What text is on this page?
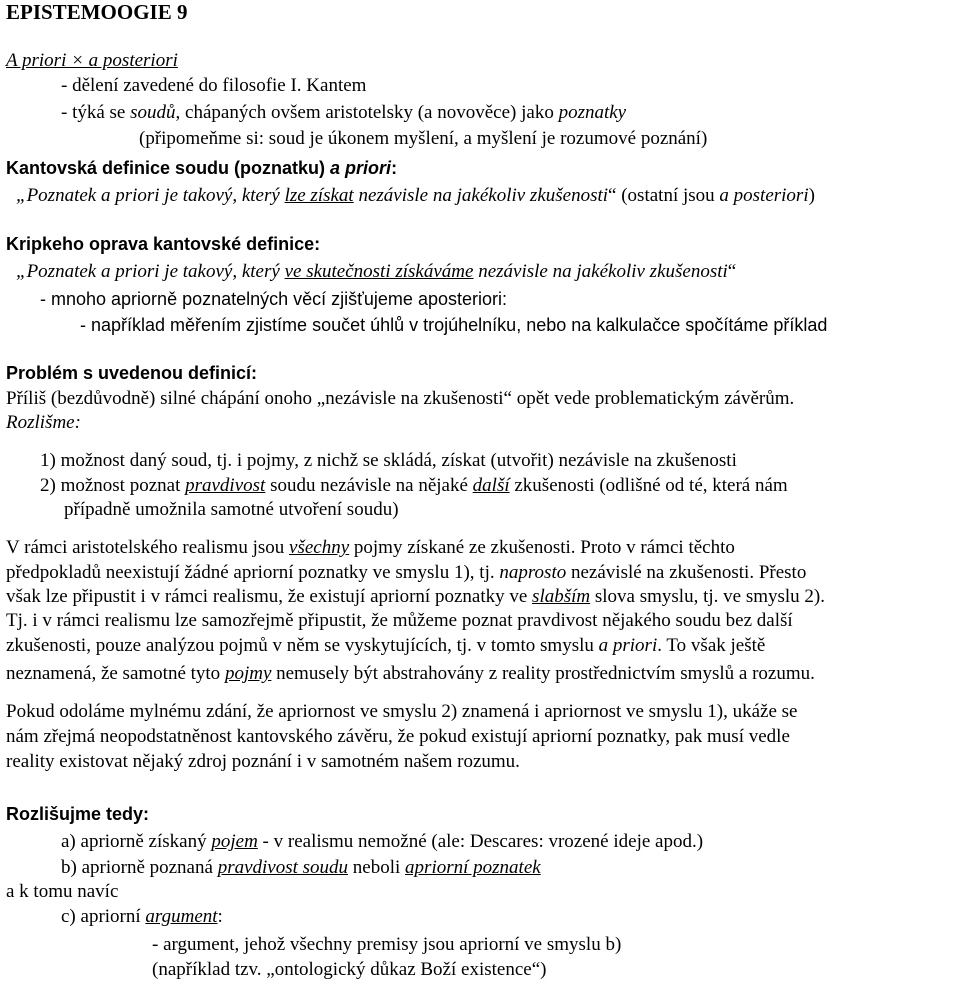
EPISTEMOOGIE 9
A priori × a posteriori
- dělení zavedené do filosofie I. Kantem
- týká se soudů, chápaných ovšem aristotelsky (a novověce) jako poznatky
(připomeňme si: soud je úkonem myšlení, a myšlení je rozumové poznání)
Kantovská definice soudu (poznatku) a priori:
„Poznatek a priori je takový, který lze získat nezávisle na jakékoliv zkušenosti“ (ostatní jsou a posteriori)
Kripkeho oprava kantovské definice:
„Poznatek a priori je takový, který ve skutečnosti získáváme nezávisle na jakékoliv zkušenosti“
- mnoho apriorně poznatelných věcí zjišťujeme aposteriori:
- například měřením zjistíme součet úhlů v trojúhelníku, nebo na kalkulačce spočítáme příklad
Problém s uvedenou definicí:
Příliš (bezdůvodně) silné chápání onoho „nezávisle na zkušenosti“ opět vede problematickým závěrům.
Rozlišme:
1) možnost daný soud, tj. i pojmy, z nichž se skládá, získat (utvořit) nezávisle na zkušenosti
2) možnost poznat pravdivost soudu nezávisle na nějaké další zkušenosti (odlišné od té, která nám
případně umožnila samotné utvoření soudu)
V rámci aristotelského realismu jsou všechny pojmy získané ze zkušenosti. Proto v rámci těchto
předpokladů neexistují žádné apriorní poznatky ve smyslu 1), tj. naprosto nezávislé na zkušenosti. Přesto
však lze připustit i v rámci realismu, že existují apriorní poznatky ve slabším slova smyslu, tj. ve smyslu 2).
Tj. i v rámci realismu lze samozřejmě připustit, že můžeme poznat pravdivost nějakého soudu bez další
zkušenosti, pouze analýzou pojmů v něm se vyskytujících, tj. v tomto smyslu a priori. To však ještě
neznamená, že samotné tyto pojmy nemusely být abstrahovány z reality prostřednictvím smyslů a rozumu.
Pokud odoláme mylnému zdání, že apriornost ve smyslu 2) znamená i apriornost ve smyslu 1), ukáže se
nám zřejmá neopodstatněnost kantovského závěru, že pokud existují apriorní poznatky, pak musí vedle
reality existovat nějaký zdroj poznání i v samotném našem rozumu.
Rozlišujme tedy:
a) apriorně získaný pojem - v realismu nemožné (ale: Descares: vrozené ideje apod.)
b) apriorně poznaná pravdivost soudu neboli apriorní poznatek
a k tomu navíc
c) apriorní argument:
- argument, jehož všechny premisy jsou apriorní ve smyslu b)
(například tzv. „ontologický důkaz Boží existence“)
